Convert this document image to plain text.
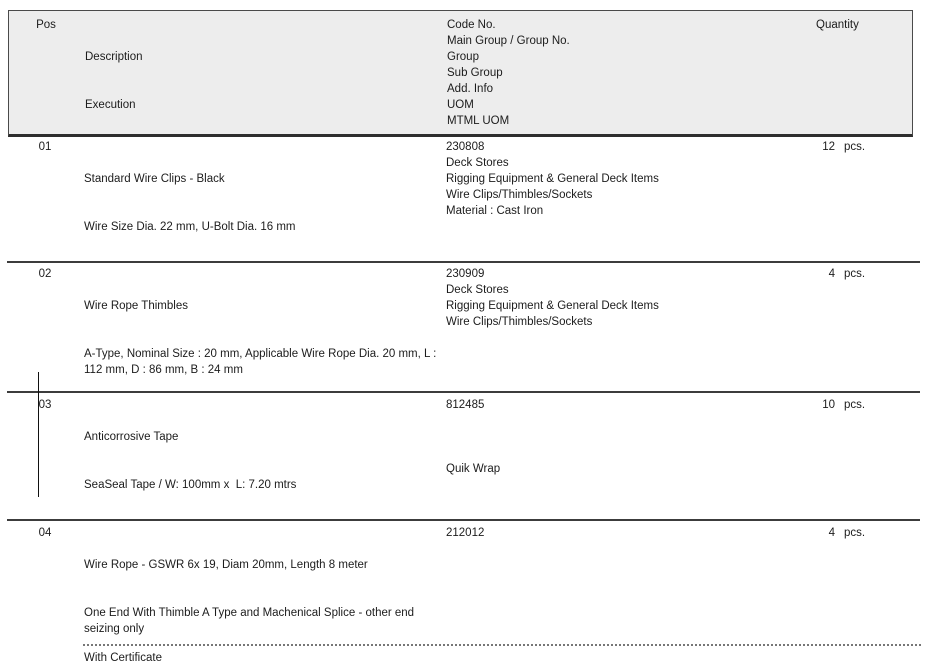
Pos

Description

Execution

Code No.
Main Group / Group No.
Group
Sub Group
Add. Info
UOM
MTML UOM
Quantity
01

Standard Wire Clips - Black

Wire Size Dia. 22 mm, U-Bolt Dia. 16 mm

230808
Deck Stores
Rigging Equipment & General Deck Items
Wire Clips/Thimbles/Sockets
Material : Cast Iron
12 pcs.
02

Wire Rope Thimbles

A-Type, Nominal Size : 20 mm, Applicable Wire Rope Dia. 20 mm, L : 112 mm, D : 86 mm, B : 24 mm

230909
Deck Stores
Rigging Equipment & General Deck Items
Wire Clips/Thimbles/Sockets
4 pcs.
03

Anticorrosive Tape

SeaSeal Tape / W: 100mm x  L: 7.20 mtrs

812485
Quik Wrap
10 pcs.
04

Wire Rope - GSWR 6x 19, Diam 20mm, Length 8 meter

One End With Thimble A Type and Machenical Splice - other end seizing only

212012	4 pcs.
With Certificate
